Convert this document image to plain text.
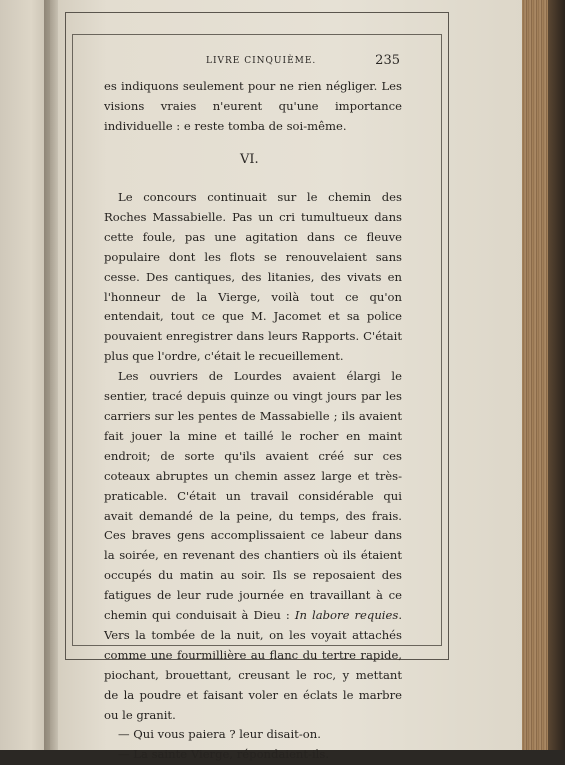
LIVRE CINQUIÈME.	235

es indiquons seulement pour ne rien négliger. Les visions vraies n'eurent qu'une importance individuelle : e reste tomba de soi-même.

VI.

Le concours continuait sur le chemin des Roches Massabielle. Pas un cri tumultueux dans cette foule, pas une agitation dans ce fleuve populaire dont les flots se renouvelaient sans cesse. Des cantiques, des litanies, des vivats en l'honneur de la Vierge, voilà tout ce qu'on entendait, tout ce que M. Jacomet et sa police pouvaient enregistrer dans leurs Rapports. C'était plus que l'ordre, c'était le recueillement.

Les ouvriers de Lourdes avaient élargi le sentier, tracé depuis quinze ou vingt jours par les carriers sur les pentes de Massabielle ; ils avaient fait jouer la mine et taillé le rocher en maint endroit; de sorte qu'ils avaient créé sur ces coteaux abruptes un chemin assez large et très-praticable. C'était un travail considérable qui avait demandé de la peine, du temps, des frais. Ces braves gens accomplissaient ce labeur dans la soirée, en revenant des chantiers où ils étaient occupés du matin au soir. Ils se reposaient des fatigues de leur rude journée en travaillant à ce chemin qui conduisait à Dieu : In labore requies. Vers la tombée de la nuit, on les voyait attachés comme une fourmillière au flanc du tertre rapide, piochant, brouettant, creusant le roc, y mettant de la poudre et faisant voler en éclats le marbre ou le granit.

— Qui vous paiera ? leur disait-on.

— La sainte Vierge, répondaient-ils.
